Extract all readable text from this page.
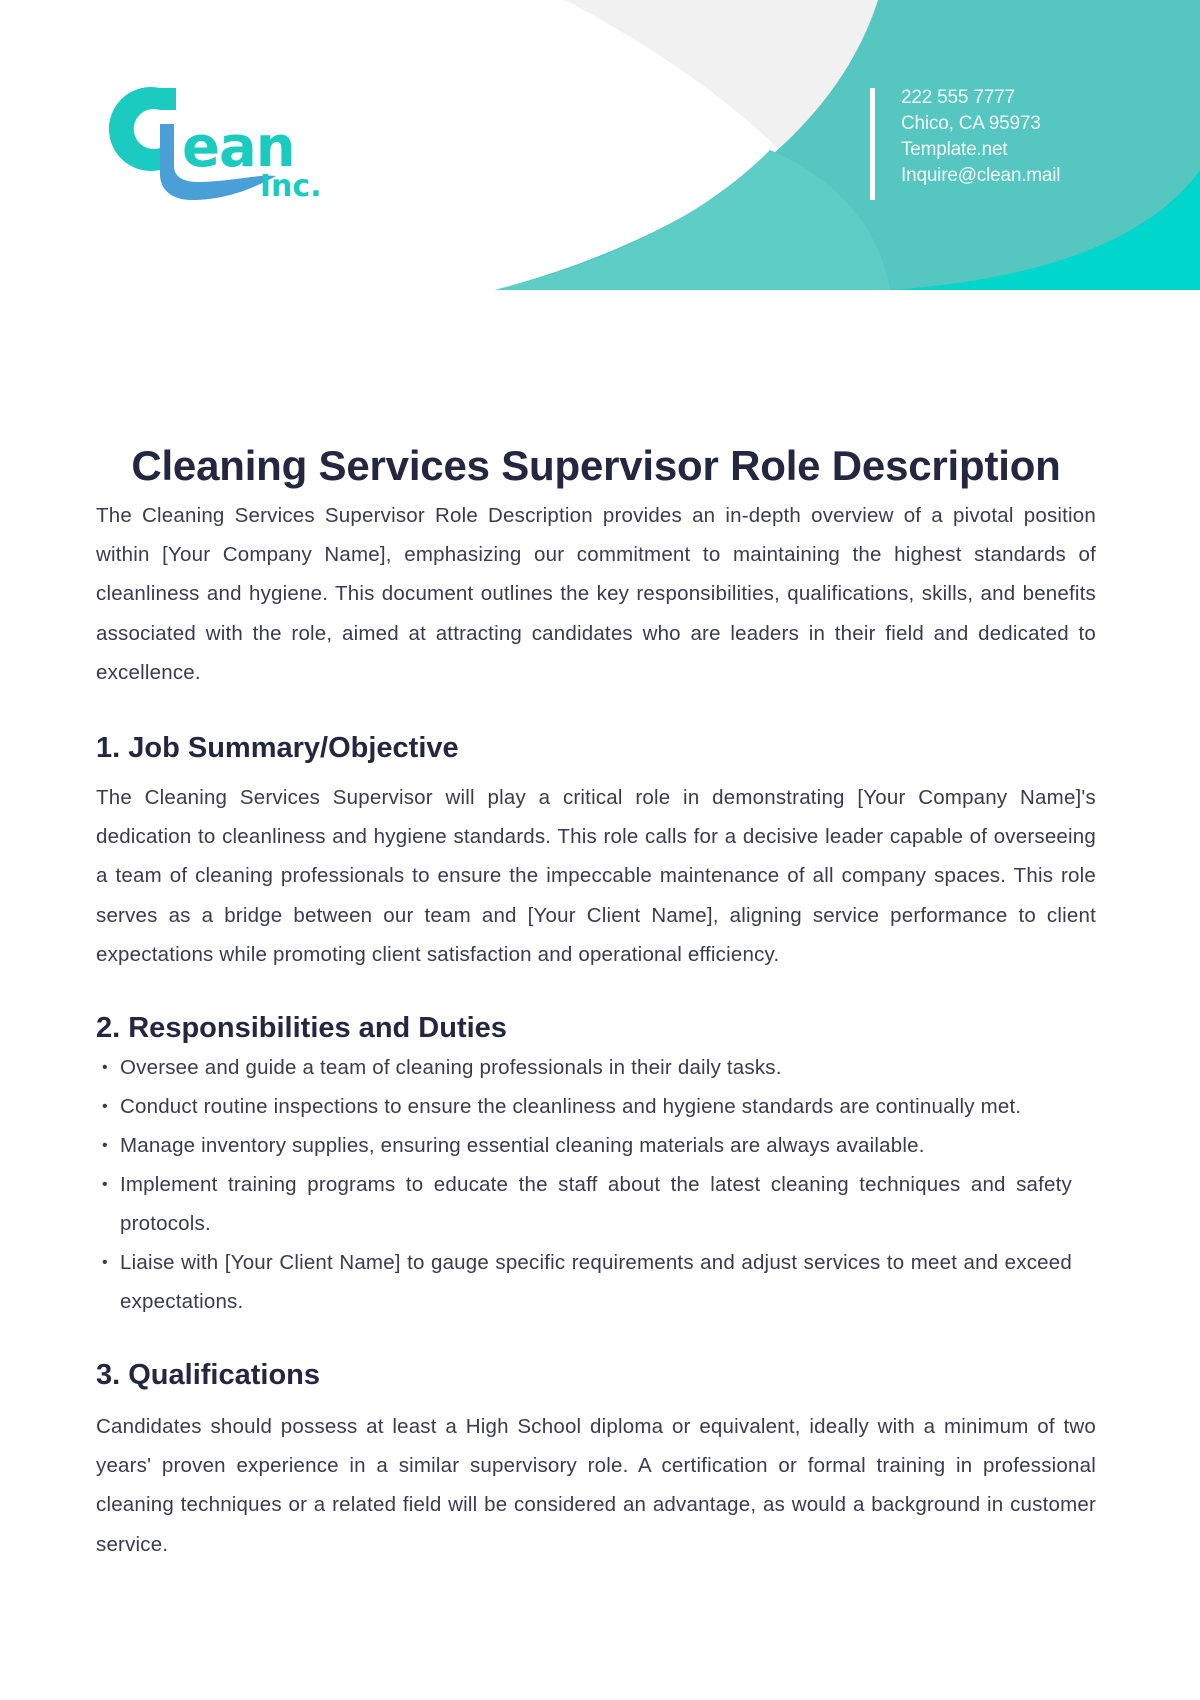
ean
Inc.
222 555 7777
Chico, CA 95973
Template.net
Inquire@clean.mail
Cleaning Services Supervisor Role Description

The Cleaning Services Supervisor Role Description provides an in-depth overview of a pivotal position within [Your Company Name], emphasizing our commitment to maintaining the highest standards of cleanliness and hygiene. This document outlines the key responsibilities, qualifications, skills, and benefits associated with the role, aimed at attracting candidates who are leaders in their field and dedicated to excellence.

1. Job Summary/Objective

The Cleaning Services Supervisor will play a critical role in demonstrating [Your Company Name]'s dedication to cleanliness and hygiene standards. This role calls for a decisive leader capable of overseeing a team of cleaning professionals to ensure the impeccable maintenance of all company spaces. This role serves as a bridge between our team and [Your Client Name], aligning service performance to client expectations while promoting client satisfaction and operational efficiency.

2. Responsibilities and Duties
• Oversee and guide a team of cleaning professionals in their daily tasks.
• Conduct routine inspections to ensure the cleanliness and hygiene standards are continually met.
• Manage inventory supplies, ensuring essential cleaning materials are always available.
• Implement training programs to educate the staff about the latest cleaning techniques and safety protocols.
• Liaise with [Your Client Name] to gauge specific requirements and adjust services to meet and exceed expectations.
3. Qualifications

Candidates should possess at least a High School diploma or equivalent, ideally with a minimum of two years' proven experience in a similar supervisory role. A certification or formal training in professional cleaning techniques or a related field will be considered an advantage, as would a background in customer service.
